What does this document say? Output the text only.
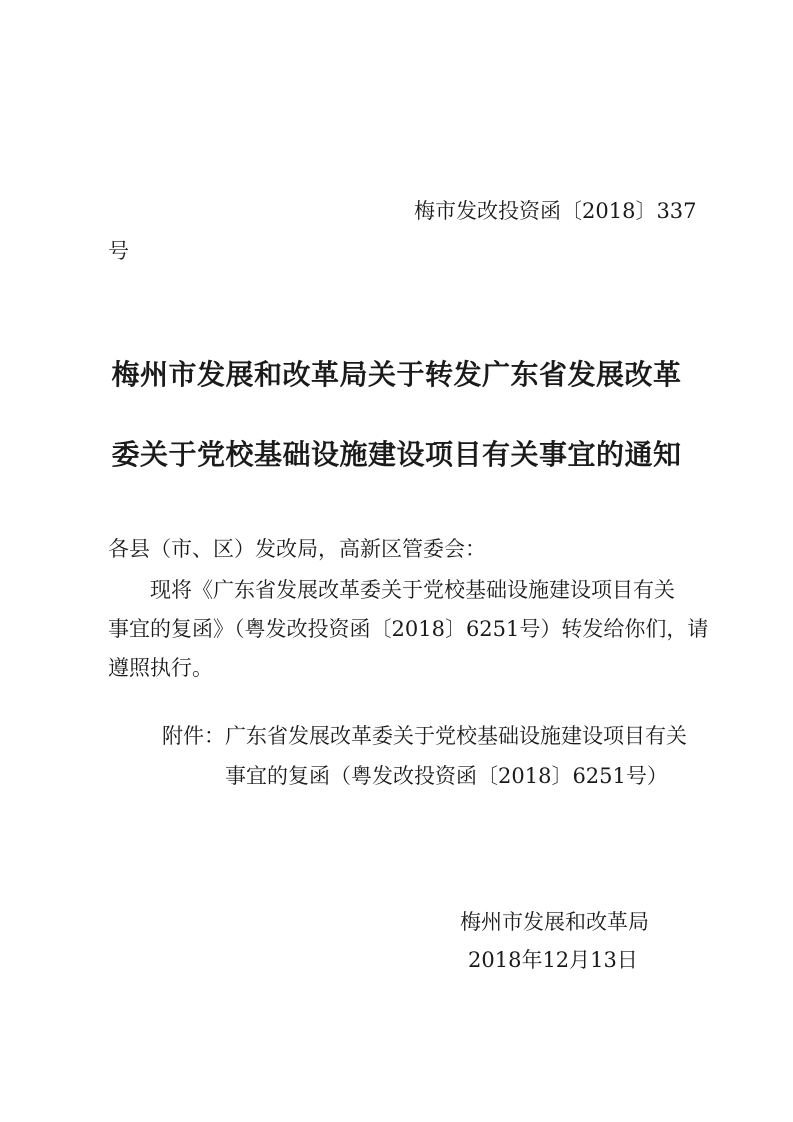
梅市发改投资函〔2018〕337
号
梅州市发展和改革局关于转发广东省发展改革
委关于党校基础设施建设项目有关事宜的通知
各县（市、区）发改局，高新区管委会：
现将《广东省发展改革委关于党校基础设施建设项目有关
事宜的复函》（粤发改投资函〔2018〕6251号）转发给你们，请
遵照执行。
附件：广东省发展改革委关于党校基础设施建设项目有关
事宜的复函（粤发改投资函〔2018〕6251号）
梅州市发展和改革局
2018年12月13日
